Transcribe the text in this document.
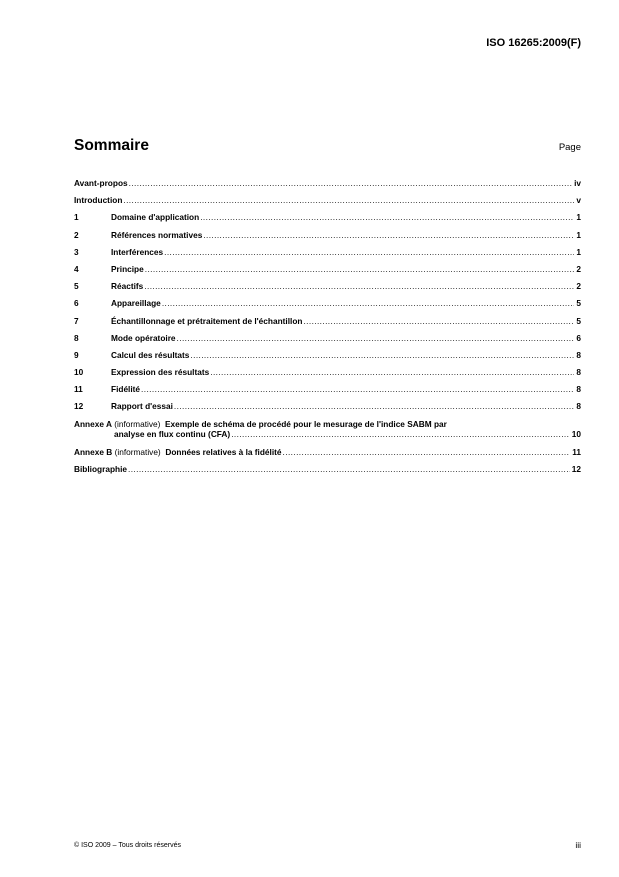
ISO 16265:2009(F)
Sommaire	Page
Avant-propos .....	iv
Introduction .....	v
1	Domaine d'application .....	1
2	Références normatives .....	1
3	Interférences .....	1
4	Principe .....	2
5	Réactifs .....	2
6	Appareillage .....	5
7	Échantillonnage et prétraitement de l'échantillon .....	5
8	Mode opératoire .....	6
9	Calcul des résultats .....	8
10	Expression des résultats .....	8
11	Fidélité .....	8
12	Rapport d'essai .....	8
Annexe A
(informative)
Exemple de schéma de procédé pour le mesurage de l'indice SABM par
analyse en flux continu (CFA) .....	10
Annexe B
(informative)
Données relatives à la fidélité .....	11
Bibliographie .....	12
© ISO 2009 – Tous droits réservés	iii
